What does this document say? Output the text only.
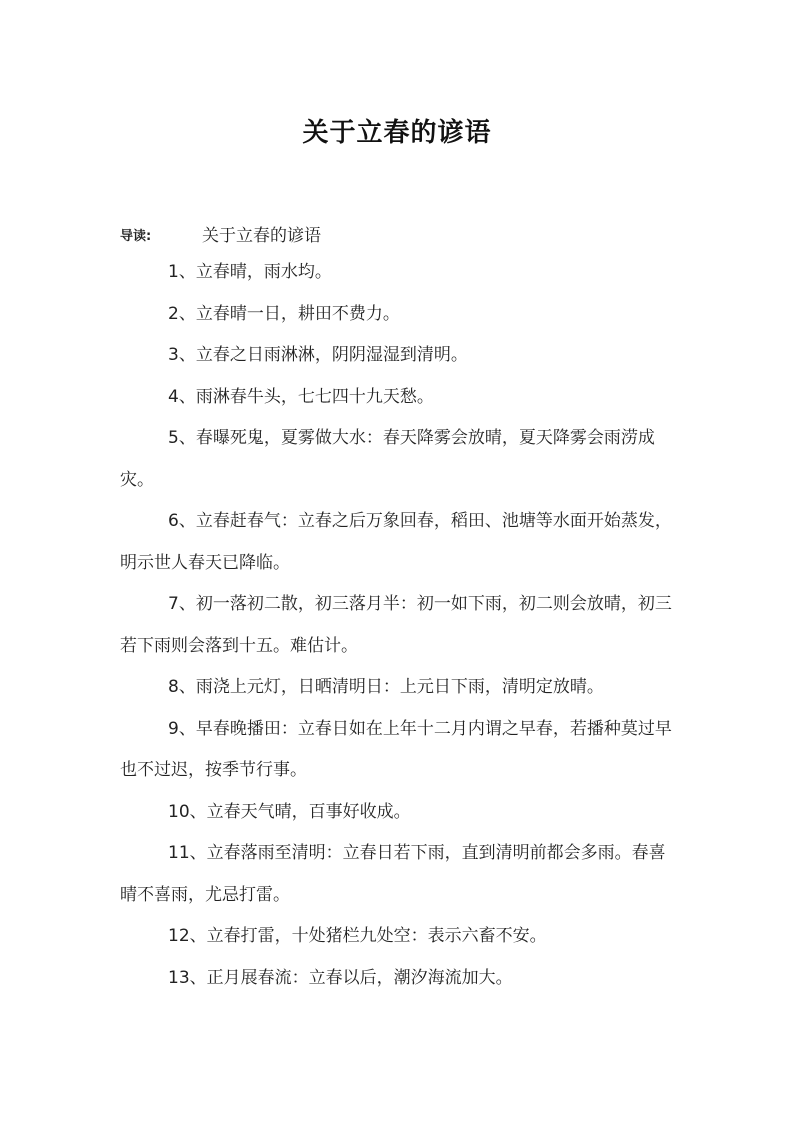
关于立春的谚语
导读:	关于立春的谚语

1、立春晴，雨水均。

2、立春晴一日，耕田不费力。

3、立春之日雨淋淋，阴阴湿湿到清明。

4、雨淋春牛头，七七四十九天愁。

5、春曝死鬼，夏雾做大水：春天降雾会放晴，夏天降雾会雨涝成灾。

6、立春赶春气：立春之后万象回春，稻田、池塘等水面开始蒸发，明示世人春天已降临。

7、初一落初二散，初三落月半：初一如下雨，初二则会放晴，初三若下雨则会落到十五。难估计。

8、雨浇上元灯，日晒清明日：上元日下雨，清明定放晴。

9、早春晚播田：立春日如在上年十二月内谓之早春，若播种莫过早也不过迟，按季节行事。

10、立春天气晴，百事好收成。

11、立春落雨至清明：立春日若下雨，直到清明前都会多雨。春喜晴不喜雨，尤忌打雷。

12、立春打雷，十处猪栏九处空：表示六畜不安。

13、正月展春流：立春以后，潮汐海流加大。
